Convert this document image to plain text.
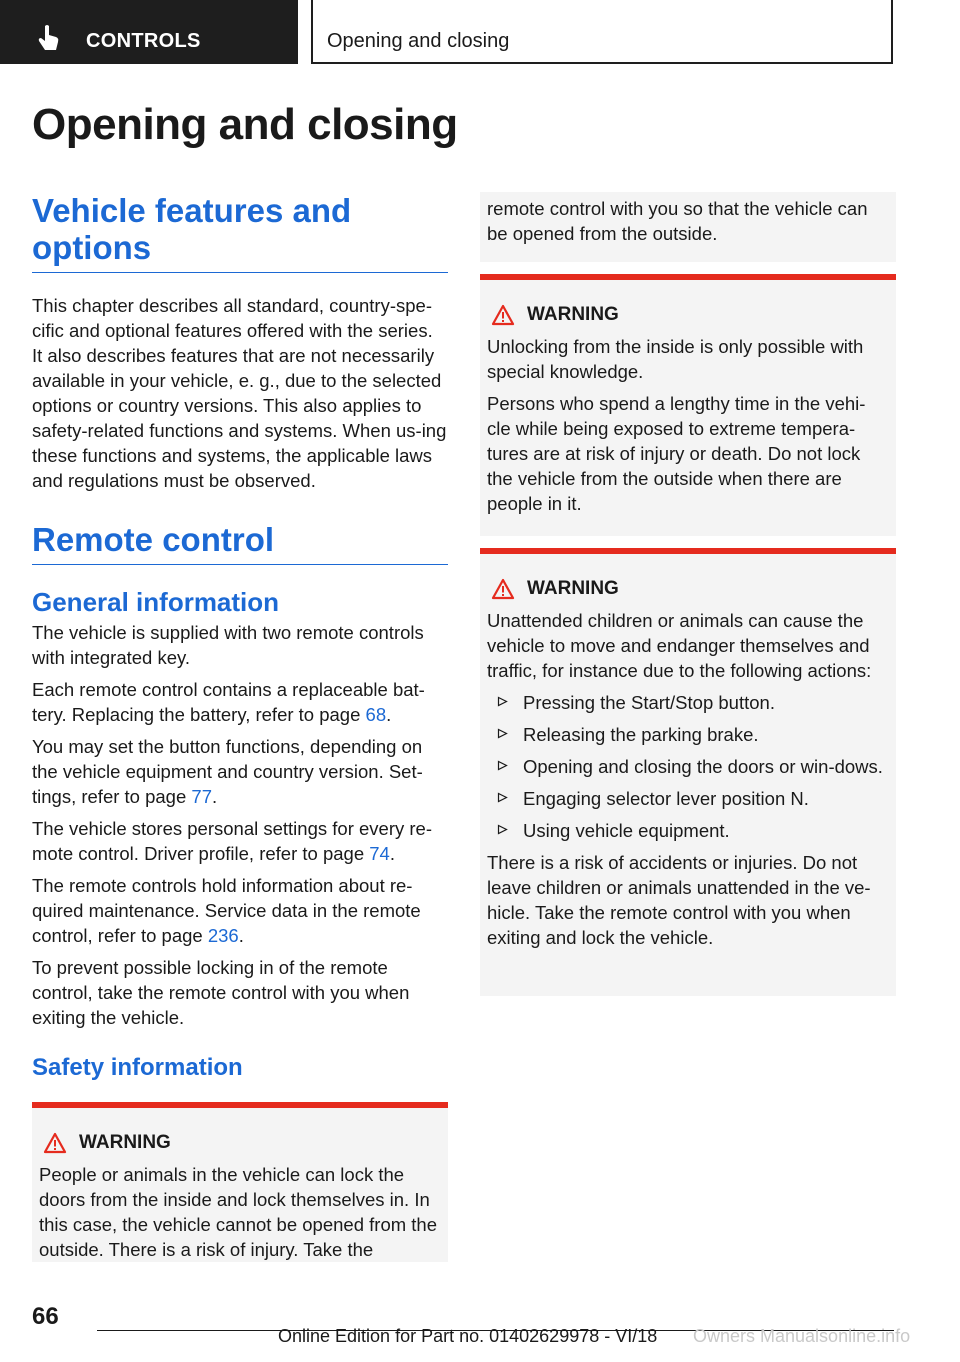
CONTROLS	Opening and closing
Opening and closing
Vehicle features and options

This chapter describes all standard, country-spe-cific and optional features offered with the series. It also describes features that are not necessarily available in your vehicle, e. g., due to the selected options or country versions. This also applies to safety-related functions and systems. When us-ing these functions and systems, the applicable laws and regulations must be observed.

Remote control
General information

The vehicle is supplied with two remote controls with integrated key.

Each remote control contains a replaceable bat-tery. Replacing the battery, refer to page 68.

You may set the button functions, depending on the vehicle equipment and country version. Set-tings, refer to page 77.

The vehicle stores personal settings for every re-mote control. Driver profile, refer to page 74.

The remote controls hold information about re-quired maintenance. Service data in the remote control, refer to page 236.

To prevent possible locking in of the remote control, take the remote control with you when exiting the vehicle.

Safety information
WARNING

People or animals in the vehicle can lock the doors from the inside and lock themselves in. In this case, the vehicle cannot be opened from the outside. There is a risk of injury. Take the

remote control with you so that the vehicle can be opened from the outside.

WARNING

Unlocking from the inside is only possible with special knowledge.

Persons who spend a lengthy time in the vehi-cle while being exposed to extreme tempera-tures are at risk of injury or death. Do not lock the vehicle from the outside when there are people in it.

WARNING

Unattended children or animals can cause the vehicle to move and endanger themselves and traffic, for instance due to the following actions:

Pressing the Start/Stop button.
Releasing the parking brake.
Opening and closing the doors or win-dows.
Engaging selector lever position N.
Using vehicle equipment.

There is a risk of accidents or injuries. Do not leave children or animals unattended in the ve-hicle. Take the remote control with you when exiting and lock the vehicle.

66
Online Edition for Part no. 01402629978 - VI/18 Owners Manualsonline.info
